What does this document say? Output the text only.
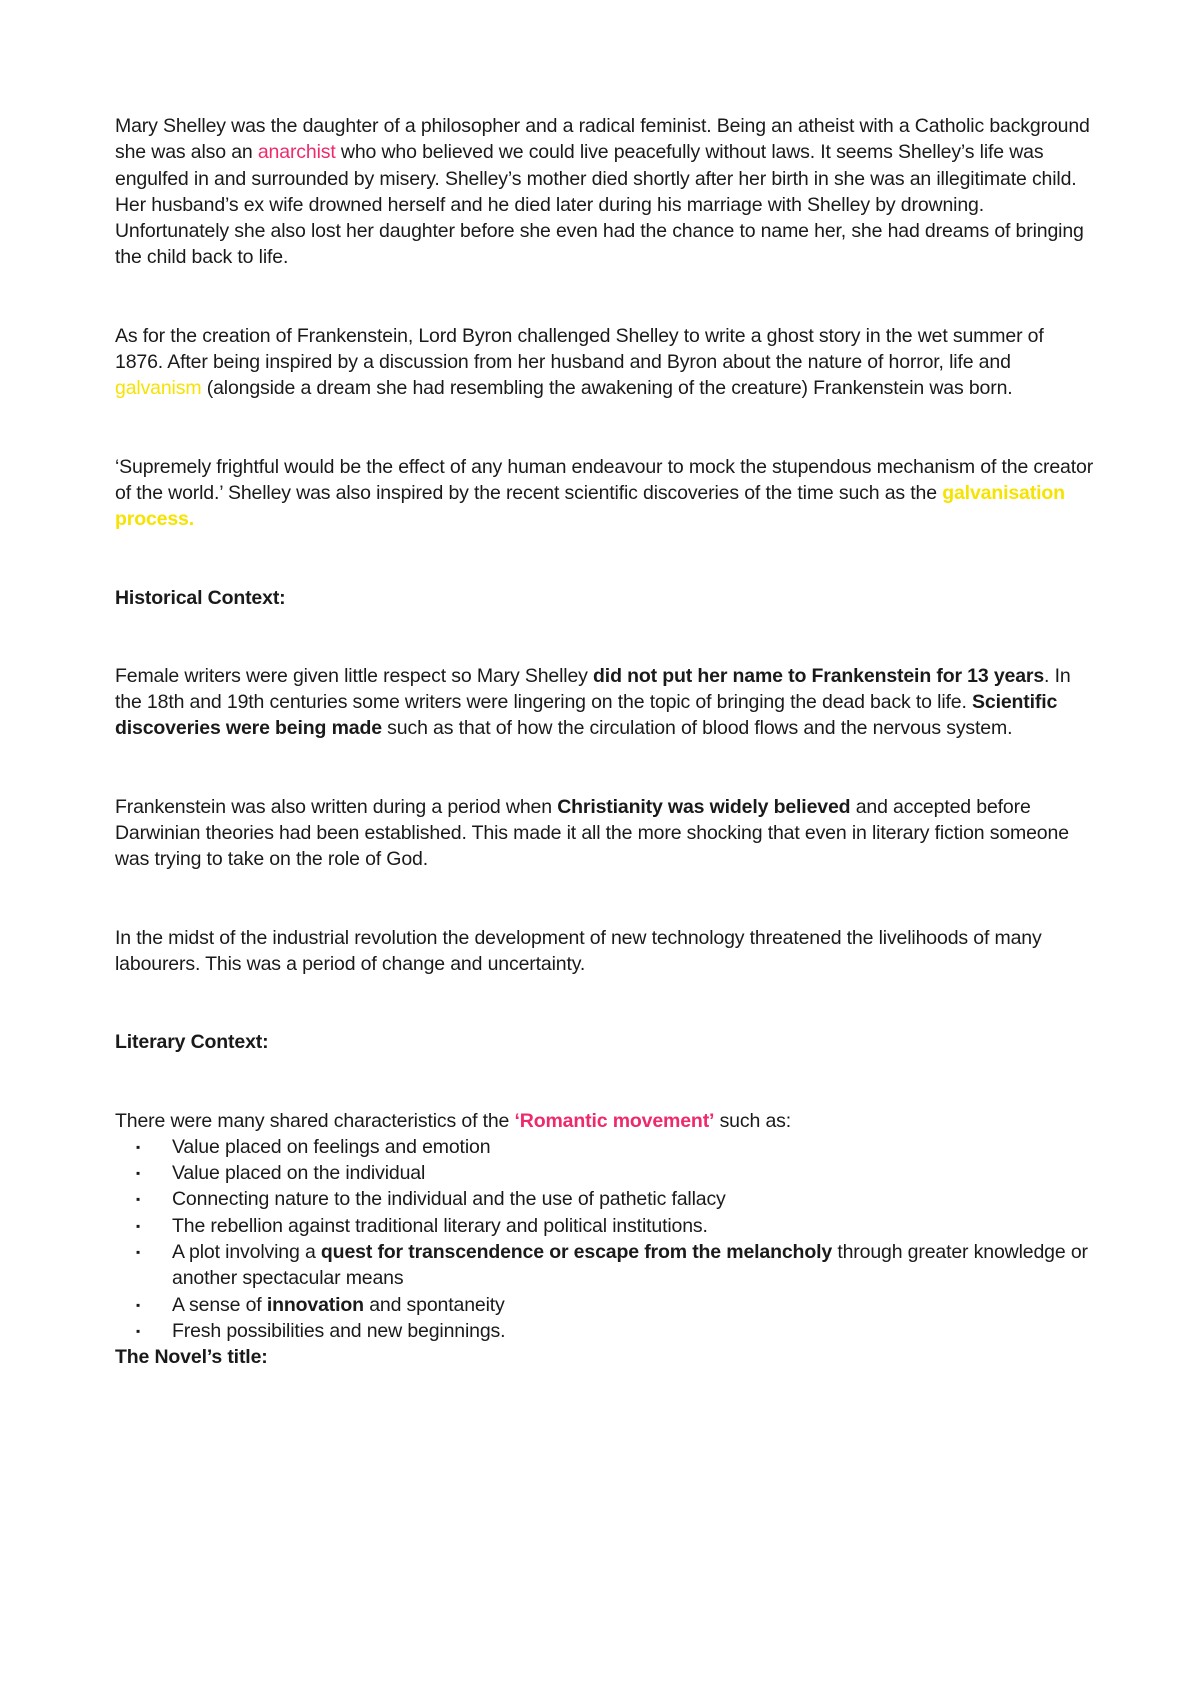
Mary Shelley was the daughter of a philosopher and a radical feminist. Being an atheist with a Catholic background she was also an anarchist who who believed we could live peacefully without laws. It seems Shelley’s life was engulfed in and surrounded by misery. Shelley’s mother died shortly after her birth in she was an illegitimate child. Her husband’s ex wife drowned herself and he died later during his marriage with Shelley by drowning. Unfortunately she also lost her daughter before she even had the chance to name her, she had dreams of bringing the child back to life.

As for the creation of Frankenstein, Lord Byron challenged Shelley to write a ghost story in the wet summer of 1876. After being inspired by a discussion from her husband and Byron about the nature of horror, life and galvanism (alongside a dream she had resembling the awakening of the creature) Frankenstein was born.

‘Supremely frightful would be the effect of any human endeavour to mock the stupendous mechanism of the creator of the world.’ Shelley was also inspired by the recent scientific discoveries of the time such as the galvanisation process.

Historical Context:

Female writers were given little respect so Mary Shelley did not put her name to Frankenstein for 13 years. In the 18th and 19th centuries some writers were lingering on the topic of bringing the dead back to life. Scientific discoveries were being made such as that of how the circulation of blood flows and the nervous system.

Frankenstein was also written during a period when Christianity was widely believed and accepted before Darwinian theories had been established. This made it all the more shocking that even in literary fiction someone was trying to take on the role of God.

In the midst of the industrial revolution the development of new technology threatened the livelihoods of many labourers. This was a period of change and uncertainty.

Literary Context:

There were many shared characteristics of the ‘Romantic movement’ such as:

▪ Value placed on feelings and emotion
▪ Value placed on the individual
▪ Connecting nature to the individual and the use of pathetic fallacy
▪ The rebellion against traditional literary and political institutions.
▪ A plot involving a quest for transcendence or escape from the melancholy through greater knowledge or another spectacular means
▪ A sense of innovation and spontaneity
▪ Fresh possibilities and new beginnings.

The Novel’s title:
